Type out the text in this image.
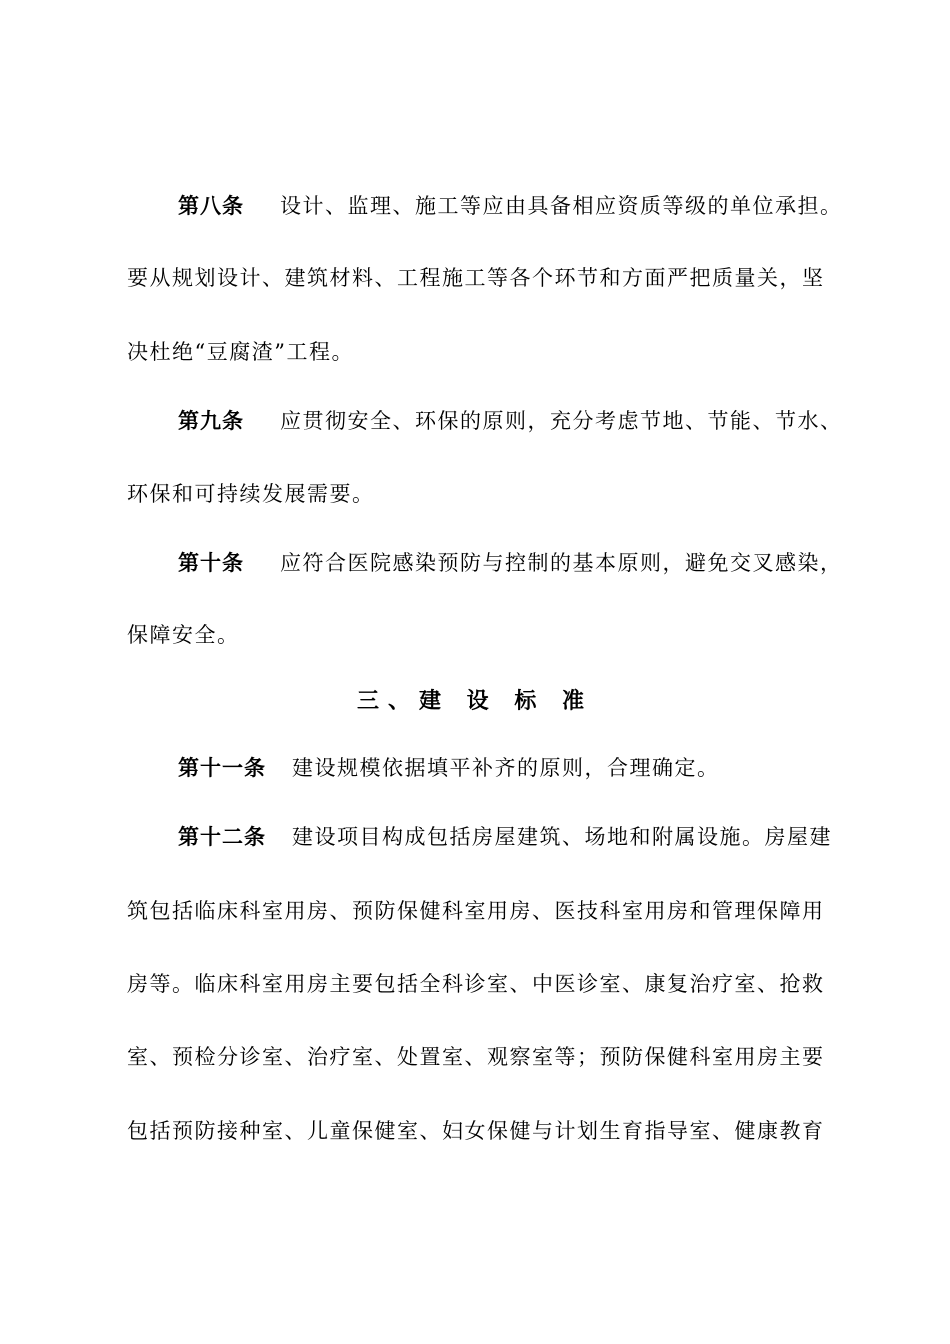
第八条 设计、监理、施工等应由具备相应资质等级的单位承担。
要从规划设计、建筑材料、工程施工等各个环节和方面严把质量关，坚
决杜绝“豆腐渣”工程。
第九条 应贯彻安全、环保的原则，充分考虑节地、节能、节水、
环保和可持续发展需要。
第十条 应符合医院感染预防与控制的基本原则，避免交叉感染，
保障安全。
三、建 设 标 准
第十一条 建设规模依据填平补齐的原则，合理确定。
第十二条 建设项目构成包括房屋建筑、场地和附属设施。房屋建
筑包括临床科室用房、预防保健科室用房、医技科室用房和管理保障用
房等。临床科室用房主要包括全科诊室、中医诊室、康复治疗室、抢救
室、预检分诊室、治疗室、处置室、观察室等；预防保健科室用房主要
包括预防接种室、儿童保健室、妇女保健与计划生育指导室、健康教育
